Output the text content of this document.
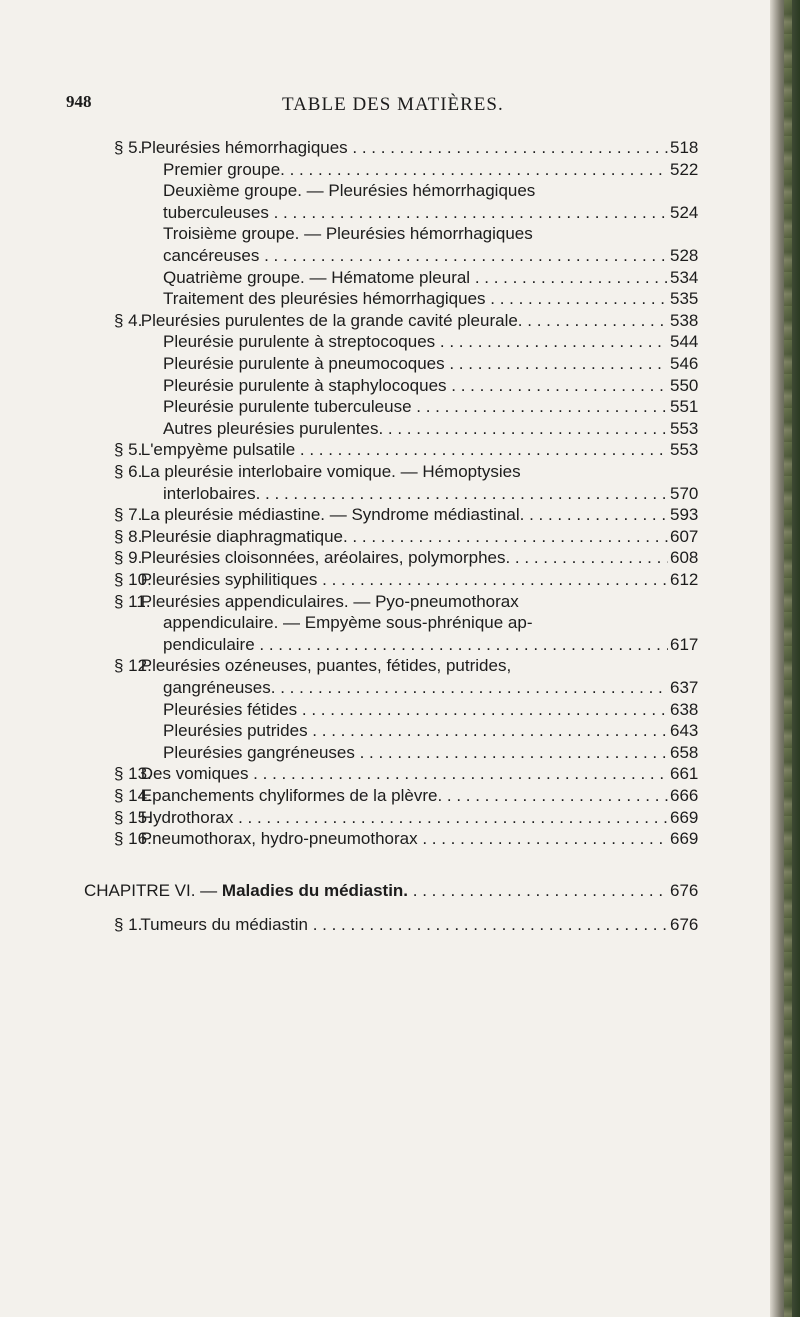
948	TABLE DES MATIÈRES.
§ 5. Pleurésies hémorrhagiques . . .	518
Premier groupe. . . .	522
Deuxième groupe. — Pleurésies hémorrhagiques
tuberculeuses . . .	524
Troisième groupe. — Pleurésies hémorrhagiques
cancéreuses . . .	528
Quatrième groupe. — Hématome pleural . . .	534
Traitement des pleurésies hémorrhagiques . . .	535
§ 4. Pleurésies purulentes de la grande cavité pleurale. . . .	538
Pleurésie purulente à streptocoques . . .	544
Pleurésie purulente à pneumocoques . . .	546
Pleurésie purulente à staphylocoques . . .	550
Pleurésie purulente tuberculeuse . . .	551
Autres pleurésies purulentes. . . .	553
§ 5. L'empyème pulsatile . . .	553
§ 6. La pleurésie interlobaire vomique. — Hémoptysies
interlobaires. . . .	570
§ 7. La pleurésie médiastine. — Syndrome médiastinal. . . .	593
§ 8. Pleurésie diaphragmatique. . . .	607
§ 9. Pleurésies cloisonnées, aréolaires, polymorphes. . . .	608
§ 10. Pleurésies syphilitiques . . .	612
§ 11. Pleurésies appendiculaires. — Pyo-pneumothorax
appendiculaire. — Empyème sous-phrénique ap-
pendiculaire . . .	617
§ 12. Pleurésies ozéneuses, puantes, fétides, putrides,
gangréneuses. . . .	637
Pleurésies fétides . . .	638
Pleurésies putrides . . .	643
Pleurésies gangréneuses . . .	658
§ 13. Des vomiques . . .	661
§ 14. Epanchements chyliformes de la plèvre. . . .	666
§ 15. Hydrothorax . . .	669
§ 16. Pneumothorax, hydro-pneumothorax . . .	669
CHAPITRE VI. — Maladies du médiastin. . . .	676
§ 1. Tumeurs du médiastin . . .	676
